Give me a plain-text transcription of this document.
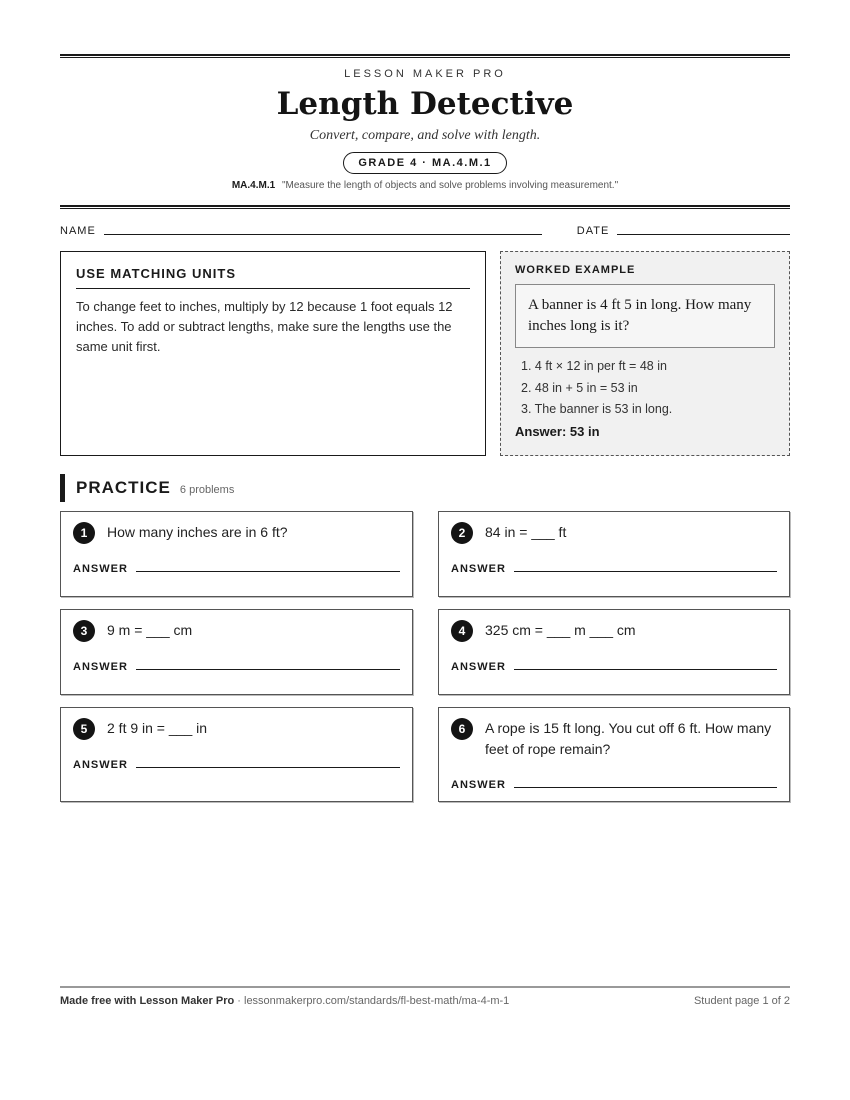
LESSON MAKER PRO
Length Detective
Convert, compare, and solve with length.
GRADE 4 · MA.4.M.1
MA.4.M.1 "Measure the length of objects and solve problems involving measurement."
NAME	DATE
USE MATCHING UNITS

To change feet to inches, multiply by 12 because 1 foot equals 12 inches. To add or subtract lengths, make sure the lengths use the same unit first.

WORKED EXAMPLE
A banner is 4 ft 5 in long. How many inches long is it?
1. 4 ft × 12 in per ft = 48 in
2. 48 in + 5 in = 53 in
3. The banner is 53 in long.
Answer: 53 in
PRACTICE 6 problems
1	How many inches are in 6 ft?
ANSWER
2	84 in = ___ ft
ANSWER
3	9 m = ___ cm
ANSWER
4	325 cm = ___ m ___ cm
ANSWER
5	2 ft 9 in = ___ in
ANSWER
6	A rope is 15 ft long. You cut off 6 ft. How many feet of rope remain?
ANSWER
Made free with Lesson Maker Pro · lessonmakerpro.com/standards/fl-best-math/ma-4-m-1	Student page 1 of 2
